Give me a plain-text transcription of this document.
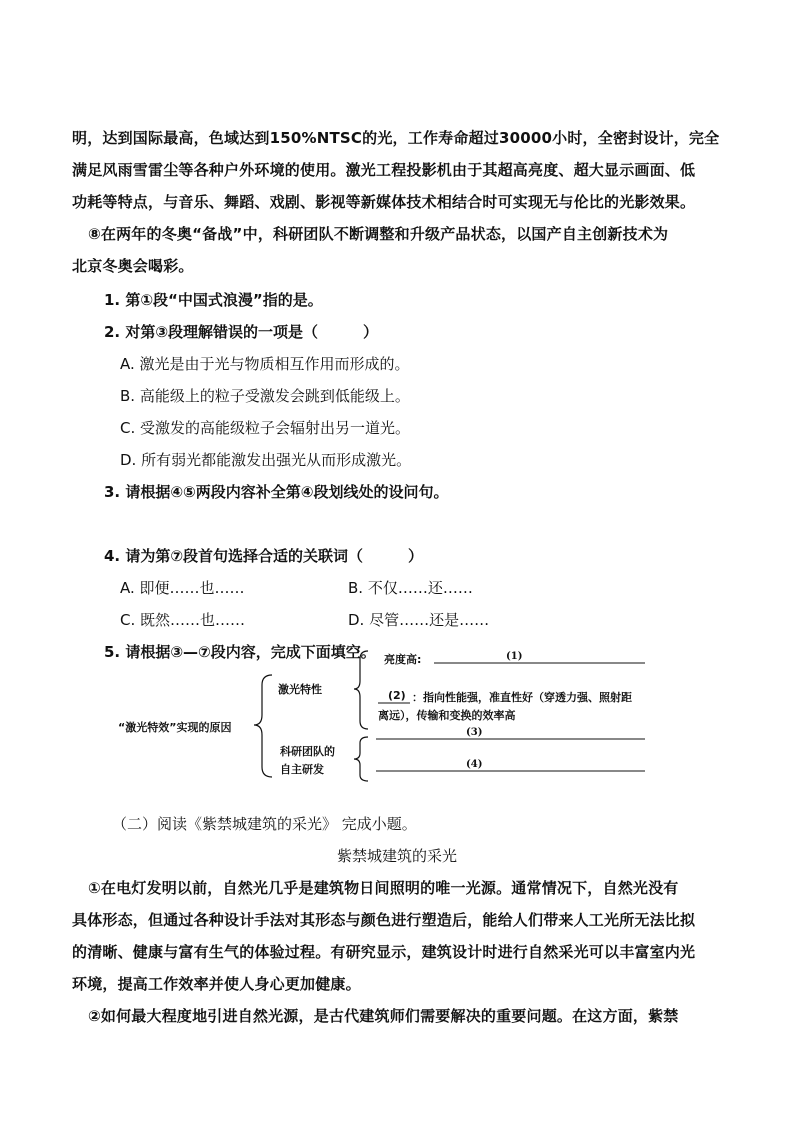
明，达到国际最高，色域达到150%NTSC的光，工作寿命超过30000小时，全密封设计，完全
满足风雨雪雷尘等各种户外环境的使用。激光工程投影机由于其超高亮度、超大显示画面、低
功耗等特点，与音乐、舞蹈、戏剧、影视等新媒体技术相结合时可实现无与伦比的光影效果。
⑧在两年的冬奥“备战”中，科研团队不断调整和升级产品状态，以国产自主创新技术为
北京冬奥会喝彩。
1. 第①段“中国式浪漫”指的是。
2. 对第③段理解错误的一项是（　　　）
A. 激光是由于光与物质相互作用而形成的。
B. 高能级上的粒子受激发会跳到低能级上。
C. 受激发的高能级粒子会辐射出另一道光。
D. 所有弱光都能激发出强光从而形成激光。
3. 请根据④⑤两段内容补全第④段划线处的设问句。
4. 请为第⑦段首句选择合适的关联词（　　　）
A. 即便……也……	B. 不仅……还……
C. 既然……也……	D. 尽管……还是……
5. 请根据③—⑦段内容，完成下面填空。
“激光特效”实现的原因
激光特性
科研团队的
自主研发
亮度高:	(1)
(2) ：指向性能强，准直性好（穿透力强、照射距
离远），传输和变换的效率高
(3)
(4)
（二）阅读《紫禁城建筑的采光》 完成小题。
紫禁城建筑的采光
①在电灯发明以前，自然光几乎是建筑物日间照明的唯一光源。通常情况下，自然光没有
具体形态，但通过各种设计手法对其形态与颜色进行塑造后，能给人们带来人工光所无法比拟
的清晰、健康与富有生气的体验过程。有研究显示，建筑设计时进行自然采光可以丰富室内光
环境，提高工作效率并使人身心更加健康。
②如何最大程度地引进自然光源，是古代建筑师们需要解决的重要问题。在这方面，紫禁
